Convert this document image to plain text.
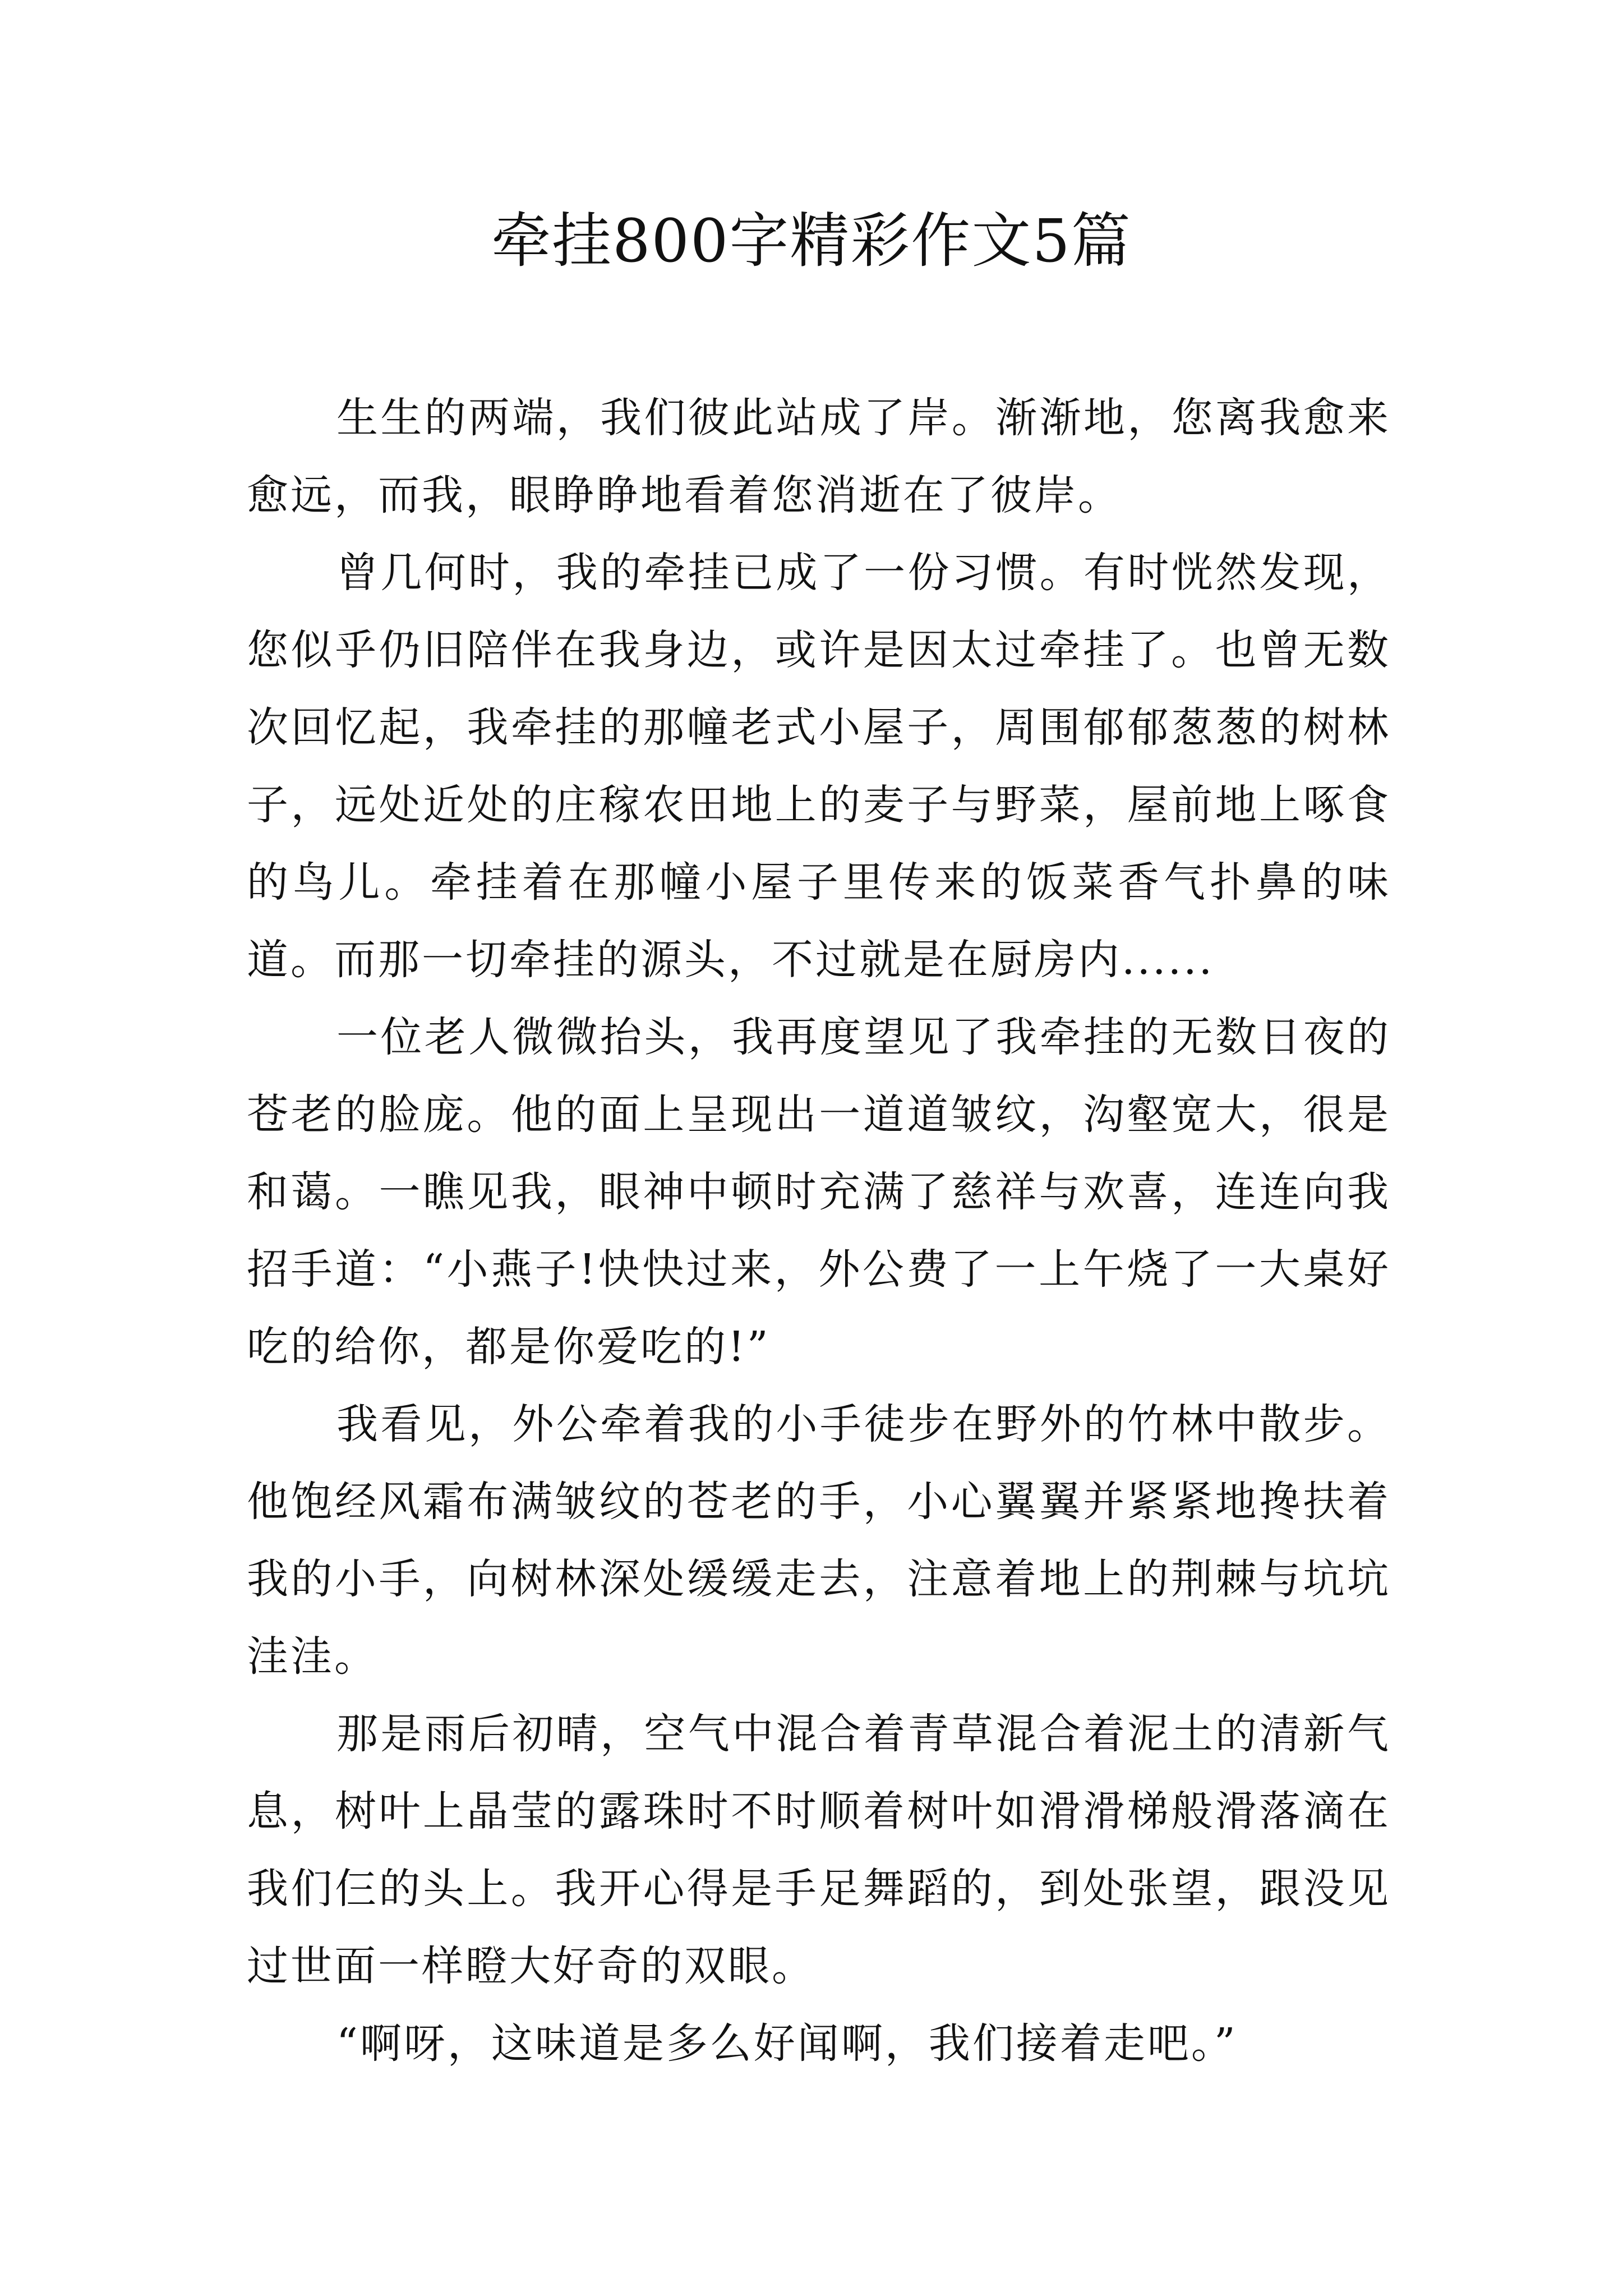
牵挂800字精彩作文5篇

生生的两端，我们彼此站成了岸。渐渐地，您离我愈来愈远，而我，眼睁睁地看着您消逝在了彼岸。

曾几何时，我的牵挂已成了一份习惯。有时恍然发现，您似乎仍旧陪伴在我身边，或许是因太过牵挂了。也曾无数次回忆起，我牵挂的那幢老式小屋子，周围郁郁葱葱的树林子，远处近处的庄稼农田地上的麦子与野菜，屋前地上啄食的鸟儿。牵挂着在那幢小屋子里传来的饭菜香气扑鼻的味道。而那一切牵挂的源头，不过就是在厨房内......

一位老人微微抬头，我再度望见了我牵挂的无数日夜的苍老的脸庞。他的面上呈现出一道道皱纹，沟壑宽大，很是和蔼。一瞧见我，眼神中顿时充满了慈祥与欢喜，连连向我招手道：“小燕子!快快过来，外公费了一上午烧了一大桌好吃的给你，都是你爱吃的!”

我看见，外公牵着我的小手徒步在野外的竹林中散步。他饱经风霜布满皱纹的苍老的手，小心翼翼并紧紧地搀扶着我的小手，向树林深处缓缓走去，注意着地上的荆棘与坑坑洼洼。

那是雨后初晴，空气中混合着青草混合着泥土的清新气息，树叶上晶莹的露珠时不时顺着树叶如滑滑梯般滑落滴在我们仨的头上。我开心得是手足舞蹈的，到处张望，跟没见过世面一样瞪大好奇的双眼。

“啊呀，这味道是多么好闻啊，我们接着走吧。”
